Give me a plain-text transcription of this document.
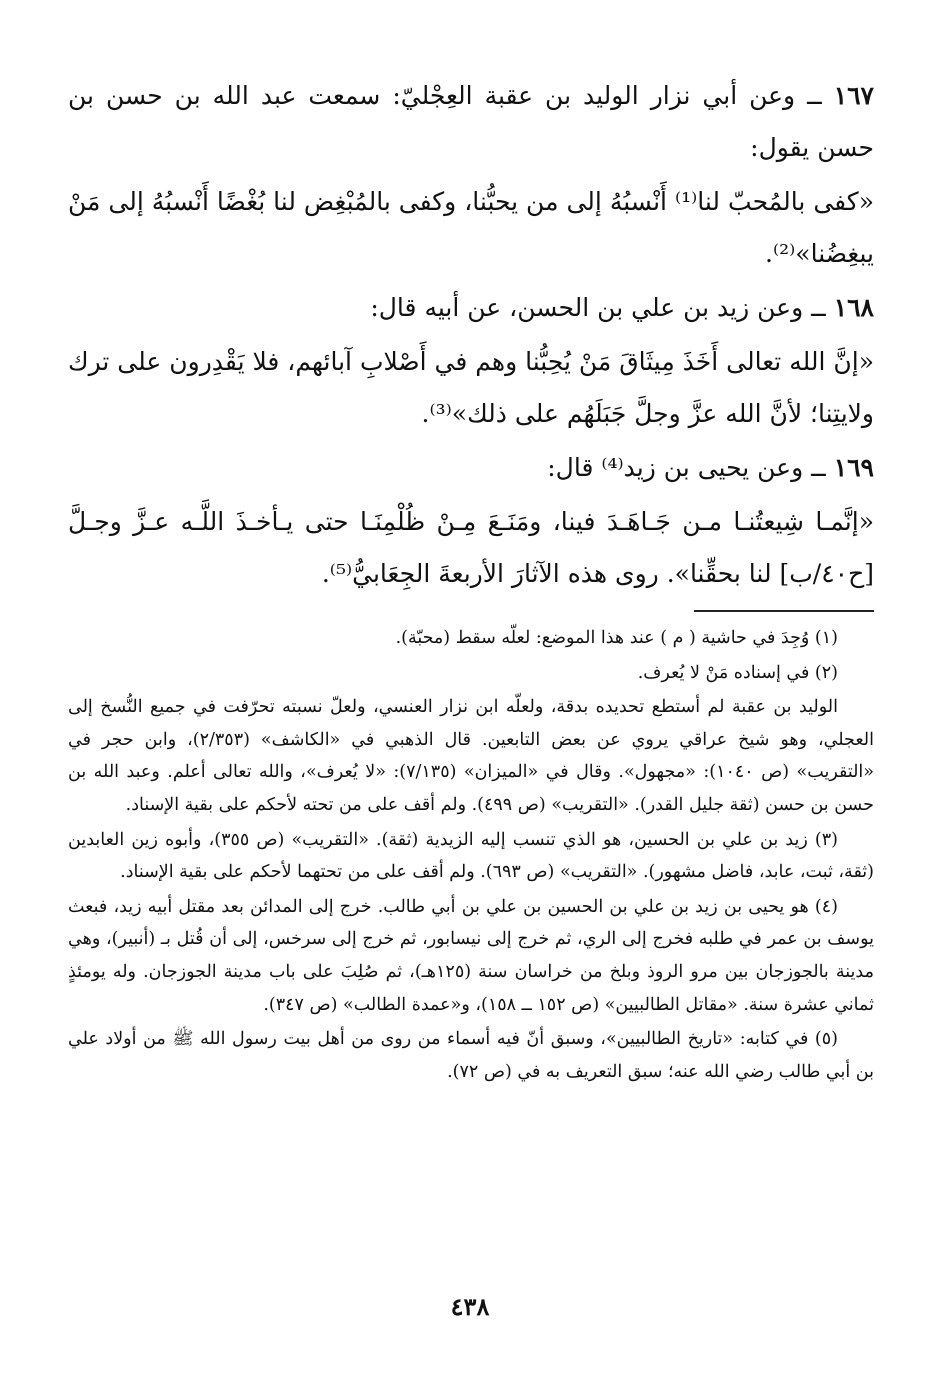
١٦٧ ــ وعن أبي نزار الوليد بن عقبة العِجْليّ: سمعت عبد الله بن حسن بن حسن يقول:

«كفى بالمُحبّ لنا⁽¹⁾ أَنْسبُهُ إلى من يحبُّنا، وكفى بالمُبْغِض لنا بُغْضًا أَنْسبُهُ إلى مَنْ يبغِضُنا»⁽²⁾.

١٦٨ ــ وعن زيد بن علي بن الحسن، عن أبيه قال:

«إنَّ الله تعالى أَخَذَ مِيثَاقَ مَنْ يُحِبُّنا وهم في أَصْلابِ آبائهم، فلا يَقْدِرون على ترك ولايتِنا؛ لأنَّ الله عزَّ وجلَّ جَبَلَهُم على ذلك»⁽³⁾.

١٦٩ ــ وعن يحيى بن زيد⁽⁴⁾ قال:

«إنَّمـا شِيعتُنـا مـن جَـاهَـدَ فينا، ومَنَـعَ مِـنْ ظُلْمِنَـا حتى يـأخـذَ اللَّـه عـزَّ وجـلَّ [ح٤٠/ب] لنا بحقِّنا». روى هذه الآثارَ الأربعةَ الجِعَابيُّ⁽⁵⁾.

(١) وُجِدَ في حاشية ( م ) عند هذا الموضع: لعلّه سقط (محبّة).

(٢) في إسناده مَنْ لا يُعرف.

الوليد بن عقبة لم أستطع تحديده بدقة، ولعلّه ابن نزار العنسي، ولعلّ نسبته تحرّفت في جميع النُّسخ إلى العجلي، وهو شيخ عراقي يروي عن بعض التابعين. قال الذهبي في «الكاشف» (٢/٣٥٣)، وابن حجر في «التقريب» (ص ١٠٤٠): «مجهول». وقال في «الميزان» (٧/١٣٥): «لا يُعرف»، والله تعالى أعلم. وعبد الله بن حسن بن حسن (ثقة جليل القدر). «التقريب» (ص ٤٩٩). ولم أقف على من تحته لأحكم على بقية الإسناد.

(٣) زيد بن علي بن الحسين، هو الذي تنسب إليه الزيدية (ثقة). «التقريب» (ص ٣٥٥)، وأبوه زين العابدين (ثقة، ثبت، عابد، فاضل مشهور). «التقريب» (ص ٦٩٣). ولم أقف على من تحتهما لأحكم على بقية الإسناد.

(٤) هو يحيى بن زيد بن علي بن الحسين بن علي بن أبي طالب. خرج إلى المدائن بعد مقتل أبيه زيد، فبعث يوسف بن عمر في طلبه فخرج إلى الري، ثم خرج إلى نيسابور، ثم خرج إلى سرخس، إلى أن قُتل بـ (أنبير)، وهي مدينة بالجوزجان بين مرو الروذ وبلخ من خراسان سنة (١٢٥هـ)، ثم صُلِبَ على باب مدينة الجوزجان. وله يومئذٍ ثماني عشرة سنة. «مقاتل الطالبيين» (ص ١٥٢ ــ ١٥٨)، و«عمدة الطالب» (ص ٣٤٧).

(٥) في كتابه: «تاريخ الطالبيين»، وسبق أنّ فيه أسماء من روى من أهل بيت رسول الله ﷺ من أولاد علي بن أبي طالب رضي الله عنه؛ سبق التعريف به في (ص ٧٢).

٤٣٨
